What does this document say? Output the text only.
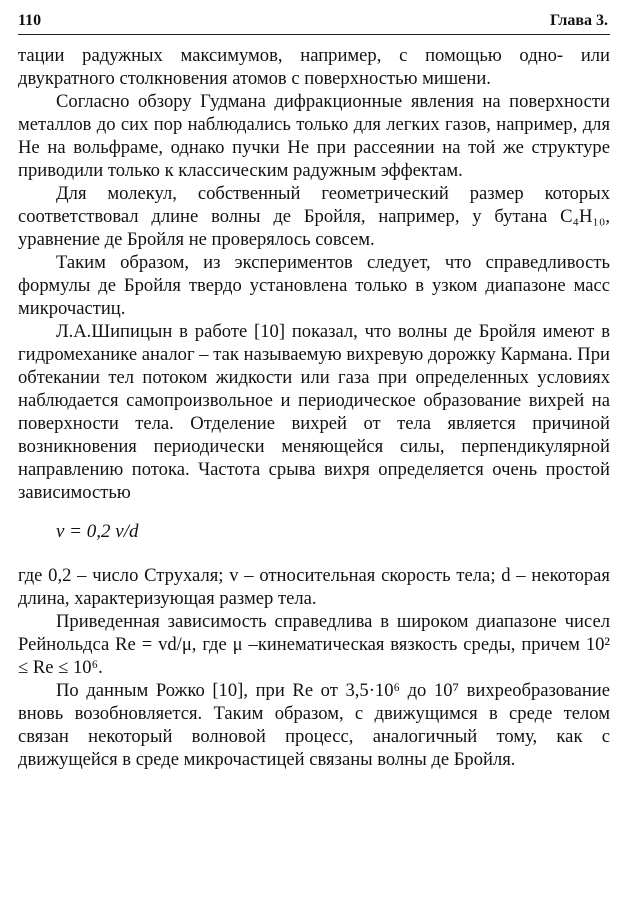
110	Глава 3.

тации радужных максимумов, например, с помощью одно- или двукратного столкновения атомов с поверхностью мишени.

Согласно обзору Гудмана дифракционные явления на поверхности металлов до сих пор наблюдались только для легких газов, например, для He на вольфраме, однако пучки He при рассеянии на той же структуре приводили только к классическим радужным эффектам.

Для молекул, собственный геометрический размер которых соответствовал длине волны де Бройля, например, у бутана C₄H₁₀, уравнение де Бройля не проверялось совсем.

Таким образом, из экспериментов следует, что справедливость формулы де Бройля твердо установлена только в узком диапазоне масс микрочастиц.

Л.А.Шипицын в работе [10] показал, что волны де Бройля имеют в гидромеханике аналог – так называемую вихревую дорожку Кармана. При обтекании тел потоком жидкости или газа при определенных условиях наблюдается самопроизвольное и периодическое образование вихрей на поверхности тела. Отделение вихрей от тела является причиной возникновения периодически меняющейся силы, перпендикулярной направлению потока. Частота срыва вихря определяется очень простой зависимостью

ν = 0,2 v/d

где 0,2 – число Струхаля; v – относительная скорость тела; d – некоторая длина, характеризующая размер тела.

Приведенная зависимость справедлива в широком диапазоне чисел Рейнольдса Re = vd/μ, где μ –кинематическая вязкость среды, причем 10² ≤ Re ≤ 10⁶.

По данным Рожко [10], при Re от 3,5·10⁶ до 10⁷ вихреобразование вновь возобновляется. Таким образом, с движущимся в среде телом связан некоторый волновой процесс, аналогичный тому, как с движущейся в среде микрочастицей связаны волны де Бройля.
